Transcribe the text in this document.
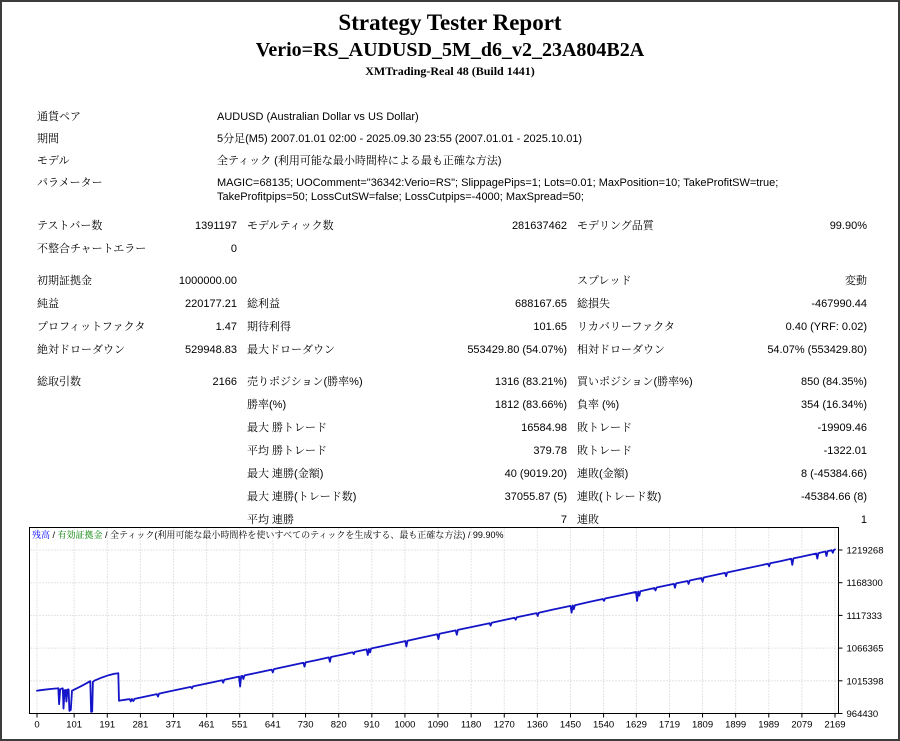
Strategy Tester Report
Verio=RS_AUDUSD_5M_d6_v2_23A804B2A
XMTrading-Real 48 (Build 1441)
通貨ペア	AUDUSD (Australian Dollar vs US Dollar)
期間	5分足(M5) 2007.01.01 02:00 - 2025.09.30 23:55 (2007.01.01 - 2025.10.01)
モデル	全ティック (利用可能な最小時間枠による最も正確な方法)
パラメーター	MAGIC=68135; UOComment="36342:Verio=RS"; SlippagePips=1; Lots=0.01; MaxPosition=10; TakeProfitSW=true; TakeProfitpips=50; LossCutSW=false; LossCutpips=-4000; MaxSpread=50;
テストバー数	1391197	モデルティック数	281637462	モデリング品質	99.90%
不整合チャートエラー	0				

初期証拠金	1000000.00			スプレッド	変動
純益	220177.21	総利益	688167.65	総損失	-467990.44
プロフィットファクタ	1.47	期待利得	101.65	リカバリーファクタ	0.40 (YRF: 0.02)
絶対ドローダウン	529948.83	最大ドローダウン	553429.80 (54.07%)	相対ドローダウン	54.07% (553429.80)

総取引数	2166	売りポジション(勝率%)	1316 (83.21%)	買いポジション(勝率%)	850 (84.35%)
		勝率(%)	1812 (83.66%)	負率 (%)	354 (16.34%)
		最大 勝トレード	16584.98	敗トレード	-19909.46
		平均 勝トレード	379.78	敗トレード	-1322.01
		最大 連勝(金額)	40 (9019.20)	連敗(金額)	8 (-45384.66)
		最大 連勝(トレード数)	37055.87 (5)	連敗(トレード数)	-45384.66 (8)
		平均 連勝	7	連敗	1
残高 / 有効証拠金 / 全ティック(利用可能な最小時間枠を使いすべてのティックを生成する、最も正確な方法) / 99.90%
1219268
1168300
1117333
1066365
1015398
964430
0	101 191 281 371 461 551 641 730 820 910 1000 1090 1180 1270 1360 1450 1540 1629 1719 1809 1899 1989 2079 2169
